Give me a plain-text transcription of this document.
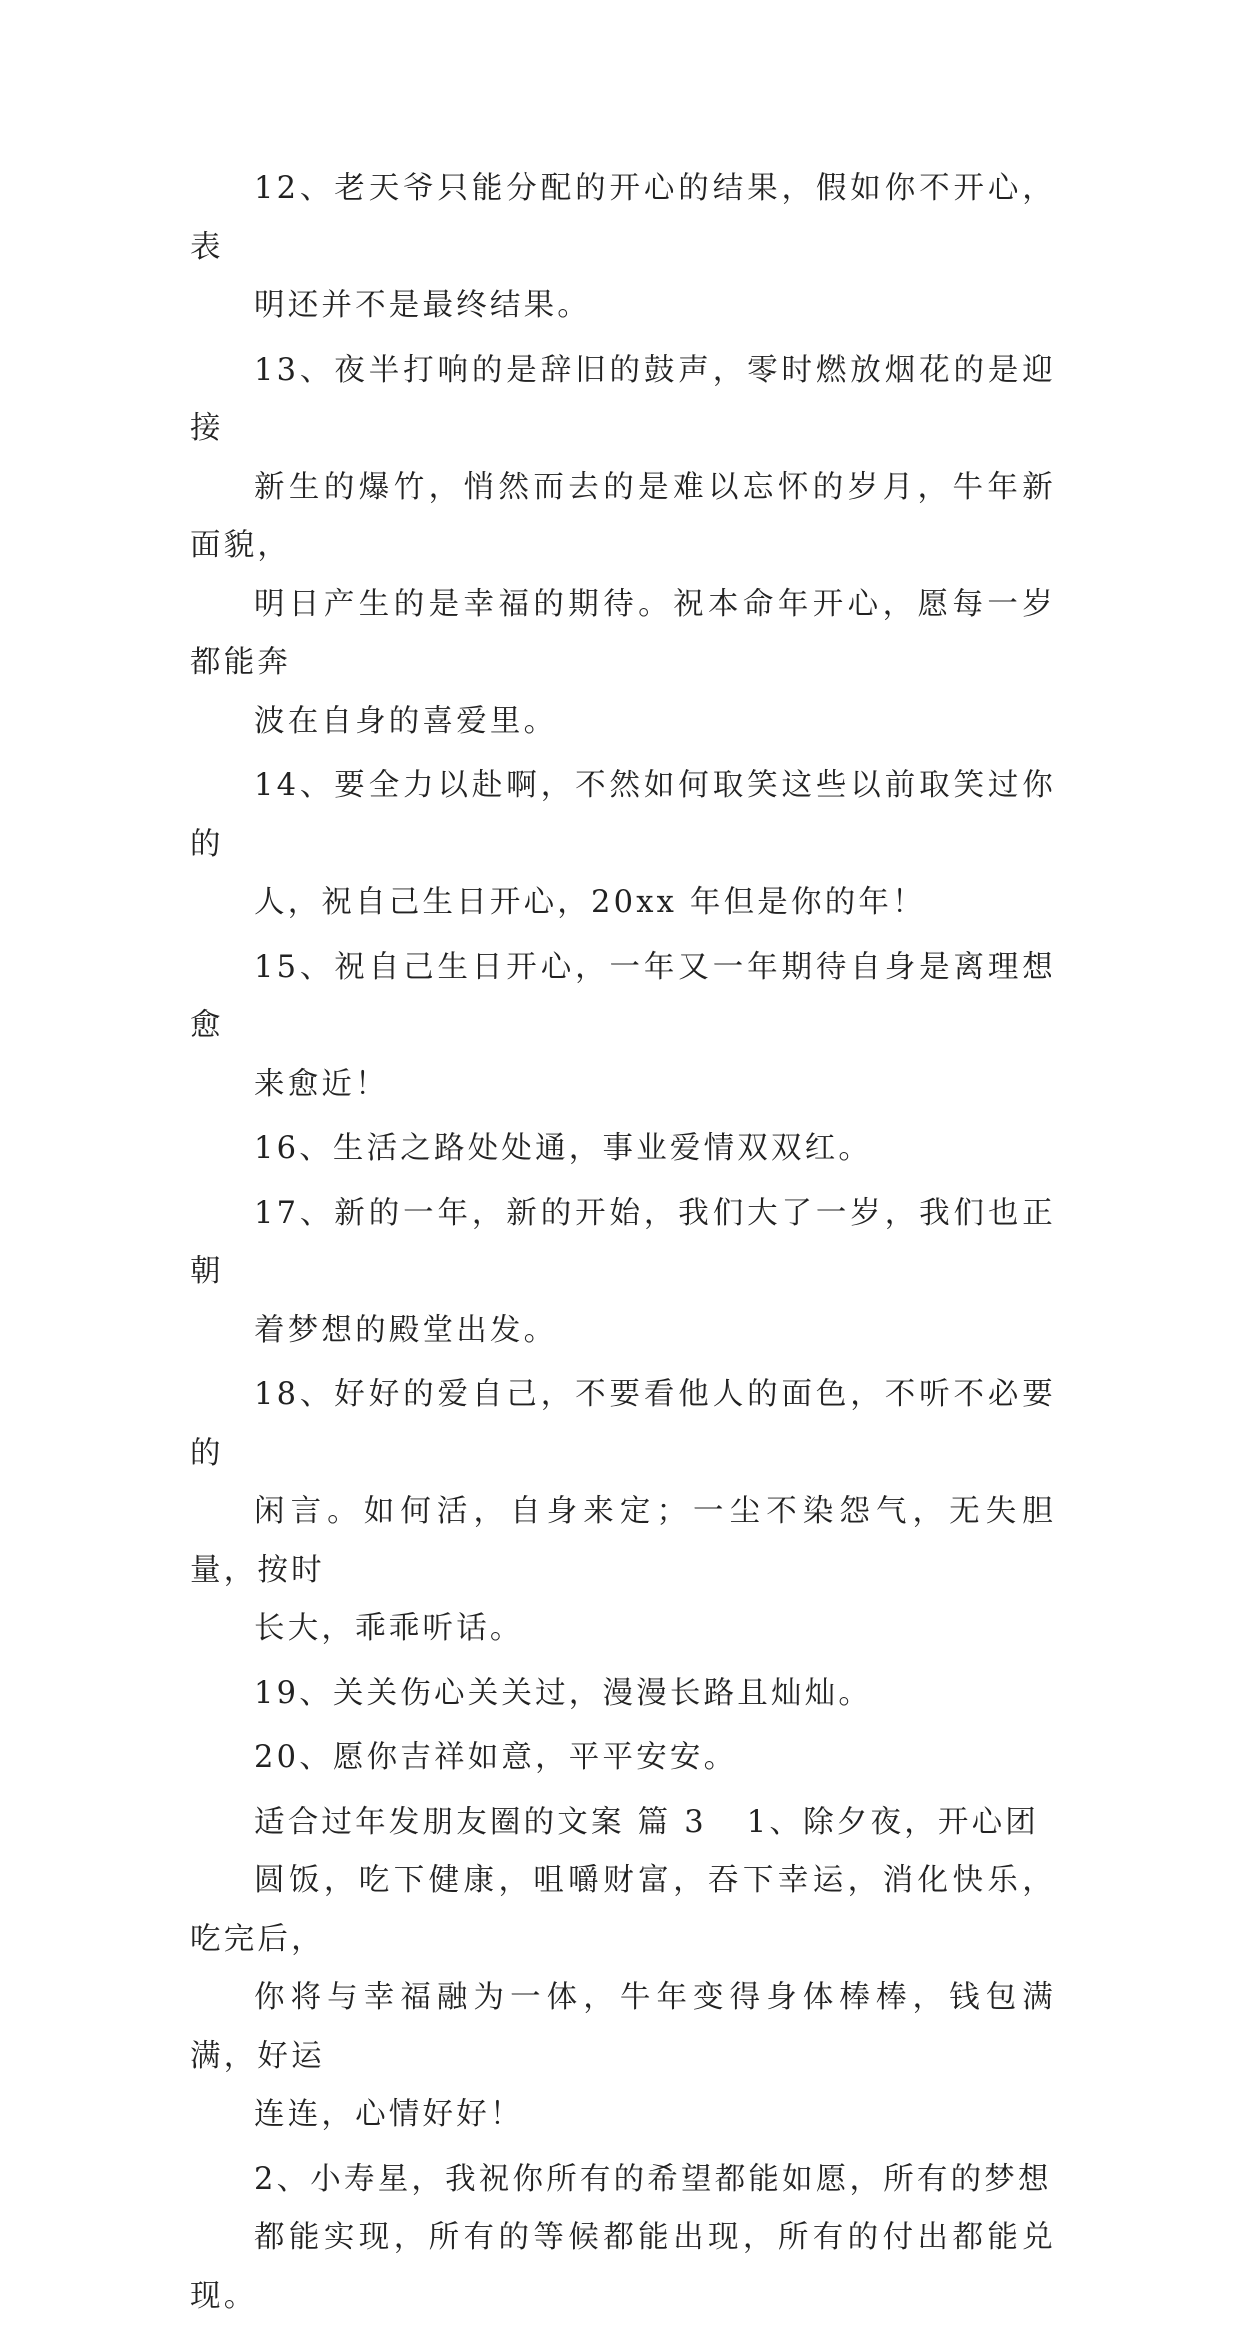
12、老天爷只能分配的开心的结果，假如你不开心，表
明还并不是最终结果。

13、夜半打响的是辞旧的鼓声，零时燃放烟花的是迎接
新生的爆竹，悄然而去的是难以忘怀的岁月，牛年新面貌，
明日产生的是幸福的期待。祝本命年开心，愿每一岁都能奔
波在自身的喜爱里。

14、要全力以赴啊，不然如何取笑这些以前取笑过你的
人，祝自己生日开心，20xx 年但是你的年！

15、祝自己生日开心，一年又一年期待自身是离理想愈
来愈近！

16、生活之路处处通，事业爱情双双红。

17、新的一年，新的开始，我们大了一岁，我们也正朝
着梦想的殿堂出发。

18、好好的爱自己，不要看他人的面色，不听不必要的
闲言。如何活，自身来定；一尘不染怨气，无失胆量，按时
长大，乖乖听话。

19、关关伤心关关过，漫漫长路且灿灿。

20、愿你吉祥如意，平平安安。

适合过年发朋友圈的文案 篇 3 1、除夕夜，开心团
圆饭，吃下健康，咀嚼财富，吞下幸运，消化快乐，吃完后，
你将与幸福融为一体，牛年变得身体棒棒，钱包满满，好运
连连，心情好好！

2、小寿星，我祝你所有的希望都能如愿，所有的梦想
都能实现，所有的等候都能出现，所有的付出都能兑现。
